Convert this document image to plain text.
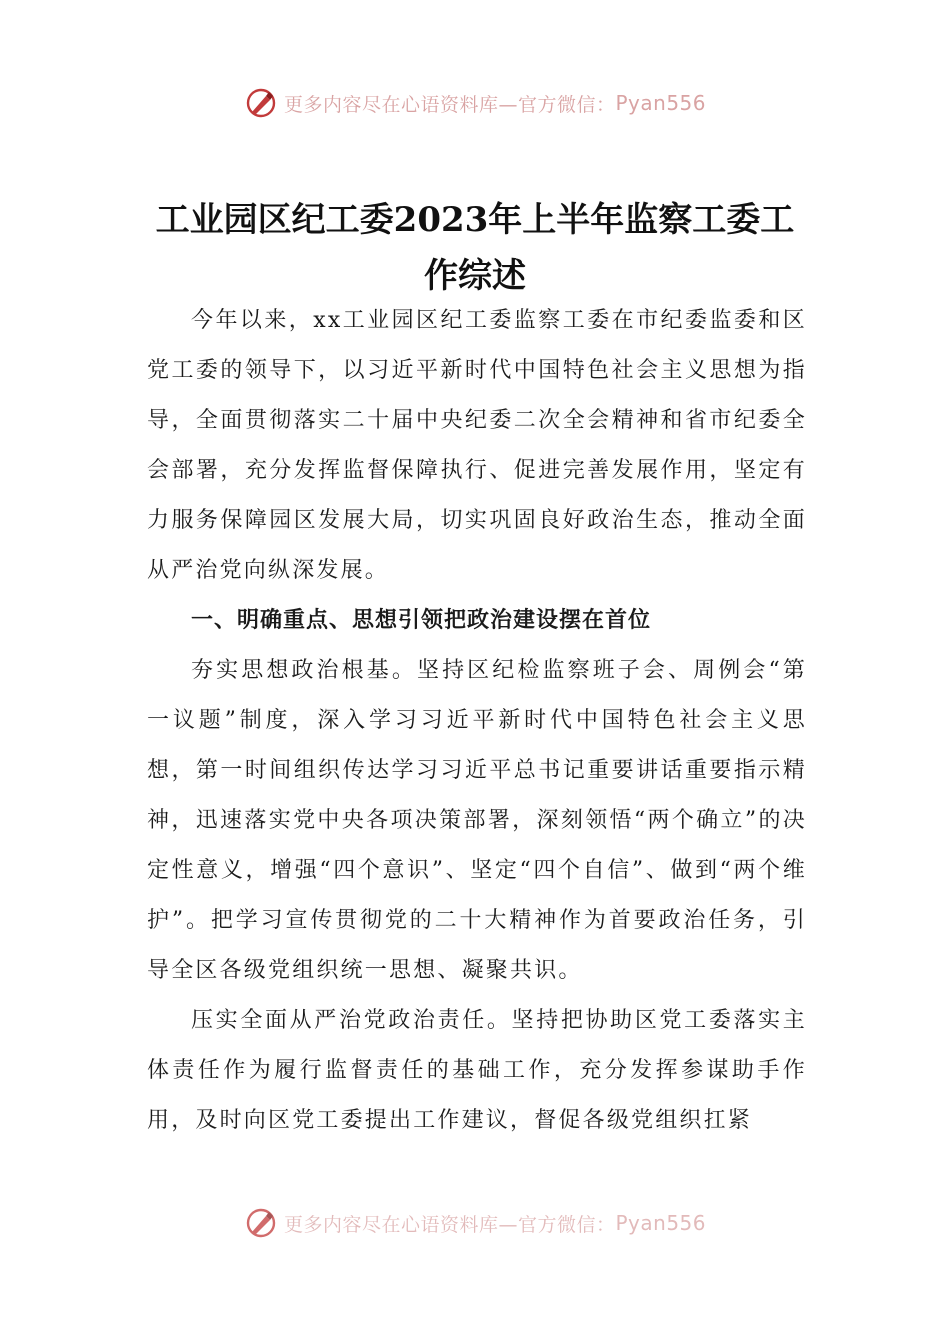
更多内容尽在心语资料库—官方微信： Pyan556
工业园区纪工委2023年上半年监察工委工作综述

今年以来，xx工业园区纪工委监察工委在市纪委监委和区党工委的领导下，以习近平新时代中国特色社会主义思想为指导，全面贯彻落实二十届中央纪委二次全会精神和省市纪委全会部署，充分发挥监督保障执行、促进完善发展作用，坚定有力服务保障园区发展大局，切实巩固良好政治生态，推动全面从严治党向纵深发展。

一、明确重点、思想引领把政治建设摆在首位

夯实思想政治根基。坚持区纪检监察班子会、周例会“第一议题”制度，深入学习习近平新时代中国特色社会主义思想，第一时间组织传达学习习近平总书记重要讲话重要指示精神，迅速落实党中央各项决策部署，深刻领悟“两个确立”的决定性意义，增强“四个意识”、坚定“四个自信”、做到“两个维护”。把学习宣传贯彻党的二十大精神作为首要政治任务，引导全区各级党组织统一思想、凝聚共识。

压实全面从严治党政治责任。坚持把协助区党工委落实主体责任作为履行监督责任的基础工作，充分发挥参谋助手作用，及时向区党工委提出工作建议，督促各级党组织扛紧

更多内容尽在心语资料库—官方微信： Pyan556
